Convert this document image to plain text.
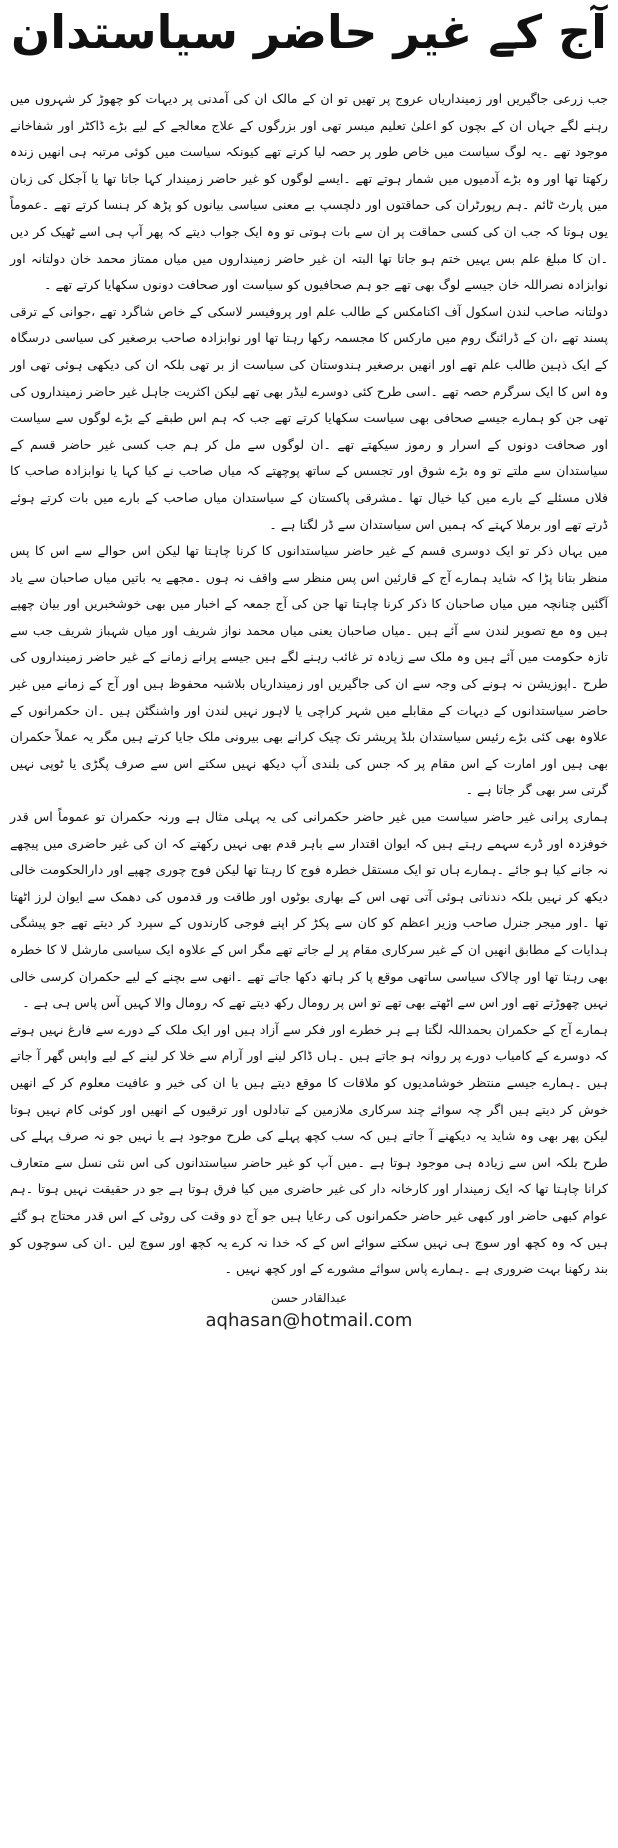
آج کے غیر حاضر سیاستدان

جب زرعی جاگیریں اور زمینداریاں عروج پر تھیں تو ان کے مالک ان کی آمدنی پر دیہات کو چھوڑ کر شہروں میں رہنے لگے جہاں ان کے بچوں کو اعلیٰ تعلیم میسر تھی اور بزرگوں کے علاج معالجے کے لیے بڑے ڈاکٹر اور شفاخانے موجود تھے ۔یہ لوگ سیاست میں خاص طور پر حصہ لیا کرتے تھے کیونکہ سیاست میں کوئی مرتبہ ہی انھیں زندہ رکھتا تھا اور وہ بڑے آدمیوں میں شمار ہوتے تھے ۔ایسے لوگوں کو غیر حاضر زمیندار کہا جاتا تھا یا آجکل کی زبان میں پارٹ ٹائم ۔ہم رپورٹران کی حماقتوں اور دلچسپ بے معنی سیاسی بیانوں کو پڑھ کر ہنسا کرتے تھے ۔عموماً یوں ہوتا کہ جب ان کی کسی حماقت پر ان سے بات ہوتی تو وہ ایک جواب دیتے کہ پھر آپ ہی اسے ٹھیک کر دیں ۔ان کا مبلغ علم بس یہیں ختم ہو جاتا تھا البتہ ان غیر حاضر زمینداروں میں میاں ممتاز محمد خان دولتانہ اور نوابزادہ نصراللہ خان جیسے لوگ بھی تھے جو ہم صحافیوں کو سیاست اور صحافت دونوں سکھایا کرتے تھے ۔

دولتانہ صاحب لندن اسکول آف اکنامکس کے طالب علم اور پروفیسر لاسکی کے خاص شاگرد تھے ،جوانی کے ترقی پسند تھے ،ان کے ڈرائنگ روم میں مارکس کا مجسمہ رکھا رہتا تھا اور نوابزادہ صاحب برصغیر کی سیاسی درسگاہ کے ایک ذہین طالب علم تھے اور انھیں برصغیر ہندوستان کی سیاست از بر تھی بلکہ ان کی دیکھی ہوئی تھی اور وہ اس کا ایک سرگرم حصہ تھے ۔اسی طرح کئی دوسرے لیڈر بھی تھے لیکن اکثریت جاہل غیر حاضر زمینداروں کی تھی جن کو ہمارے جیسے صحافی بھی سیاست سکھایا کرتے تھے جب کہ ہم اس طبقے کے بڑے لوگوں سے سیاست اور صحافت دونوں کے اسرار و رموز سیکھتے تھے ۔ان لوگوں سے مل کر ہم جب کسی غیر حاضر قسم کے سیاستدان سے ملتے تو وہ بڑے شوق اور تجسس کے ساتھ پوچھتے کہ میاں صاحب نے کیا کہا یا نوابزادہ صاحب کا فلاں مسئلے کے بارے میں کیا خیال تھا ۔مشرقی پاکستان کے سیاستدان میاں صاحب کے بارے میں بات کرتے ہوئے ڈرتے تھے اور برملا کہتے کہ ہمیں اس سیاستدان سے ڈر لگتا ہے ۔

میں یہاں ذکر تو ایک دوسری قسم کے غیر حاضر سیاستدانوں کا کرنا چاہتا تھا لیکن اس حوالے سے اس کا پس منظر بتانا پڑا کہ شاید ہمارے آج کے قارئین اس پس منظر سے واقف نہ ہوں ۔مجھے یہ باتیں میاں صاحبان سے یاد آگئیں چنانچہ میں میاں صاحبان کا ذکر کرنا چاہتا تھا جن کی آج جمعہ کے اخبار میں بھی خوشخبریں اور بیان چھپے ہیں وہ مع تصویر لندن سے آئے ہیں ۔میاں صاحبان یعنی میاں محمد نواز شریف اور میاں شہباز شریف جب سے تازہ حکومت میں آئے ہیں وہ ملک سے زیادہ تر غائب رہنے لگے ہیں جیسے پرانے زمانے کے غیر حاضر زمینداروں کی طرح ۔اپوزیشن نہ ہونے کی وجہ سے ان کی جاگیریں اور زمینداریاں بلاشبہ محفوظ ہیں اور آج کے زمانے میں غیر حاضر سیاستدانوں کے دیہات کے مقابلے میں شہر کراچی یا لاہور نہیں لندن اور واشنگٹن ہیں ۔ان حکمرانوں کے علاوہ بھی کئی بڑے رئیس سیاستدان بلڈ پریشر تک چیک کرانے بھی بیرونی ملک جایا کرتے ہیں مگر یہ عملاً حکمران بھی ہیں اور امارت کے اس مقام پر کہ جس کی بلندی آپ دیکھ نہیں سکتے اس سے صرف پگڑی یا ٹوپی نہیں گرتی سر بھی گر جاتا ہے ۔

ہماری پرانی غیر حاضر سیاست میں غیر حاضر حکمرانی کی یہ پہلی مثال ہے ورنہ حکمران تو عموماً اس قدر خوفزدہ اور ڈرے سہمے رہتے ہیں کہ ایوان اقتدار سے باہر قدم بھی نہیں رکھتے کہ ان کی غیر حاضری میں پیچھے نہ جانے کیا ہو جائے ۔ہمارے ہاں تو ایک مستقل خطرہ فوج کا رہتا تھا لیکن فوج چوری چھپے اور دارالحکومت خالی دیکھ کر نہیں بلکہ دندناتی ہوئی آتی تھی اس کے بھاری بوٹوں اور طاقت ور قدموں کی دھمک سے ایوان لرز اٹھتا تھا ۔اور میجر جنرل صاحب وزیر اعظم کو کان سے پکڑ کر اپنے فوجی کارندوں کے سپرد کر دیتے تھے جو پیشگی ہدایات کے مطابق انھیں ان کے غیر سرکاری مقام پر لے جاتے تھے مگر اس کے علاوہ ایک سیاسی مارشل لا کا خطرہ بھی رہتا تھا اور چالاک سیاسی ساتھی موقع پا کر ہاتھ دکھا جاتے تھے ۔انھی سے بچنے کے لیے حکمران کرسی خالی نہیں چھوڑتے تھے اور اس سے اٹھتے بھی تھے تو اس پر رومال رکھ دیتے تھے کہ رومال والا کہیں آس پاس ہی ہے ۔

ہمارے آج کے حکمران بحمداللہ لگتا ہے ہر خطرے اور فکر سے آزاد ہیں اور ایک ملک کے دورے سے فارغ نہیں ہوتے کہ دوسرے کے کامیاب دورے پر روانہ ہو جاتے ہیں ۔ہاں ڈاکر لینے اور آرام سے خلا کر لینے کے لیے واپس گھر آ جاتے ہیں ۔ہمارے جیسے منتظر خوشامدیوں کو ملاقات کا موقع دیتے ہیں یا ان کی خیر و عافیت معلوم کر کے انھیں خوش کر دیتے ہیں اگر چہ سوائے چند سرکاری ملازمین کے تبادلوں اور ترقیوں کے انھیں اور کوئی کام نہیں ہوتا لیکن پھر بھی وہ شاید یہ دیکھنے آ جاتے ہیں کہ سب کچھ پہلے کی طرح موجود ہے یا نہیں جو نہ صرف پہلے کی طرح بلکہ اس سے زیادہ ہی موجود ہوتا ہے ۔میں آپ کو غیر حاضر سیاستدانوں کی اس نئی نسل سے متعارف کرانا چاہتا تھا کہ ایک زمیندار اور کارخانہ دار کی غیر حاضری میں کیا فرق ہوتا ہے جو در حقیقت نہیں ہوتا ۔ہم عوام کبھی حاضر اور کبھی غیر حاضر حکمرانوں کی رعایا ہیں جو آج دو وقت کی روٹی کے اس قدر محتاج ہو گئے ہیں کہ وہ کچھ اور سوچ ہی نہیں سکتے سوائے اس کے کہ خدا نہ کرے یہ کچھ اور سوچ لیں ۔ان کی سوچوں کو بند رکھنا بہت ضروری ہے ۔ہمارے پاس سوائے مشورے کے اور کچھ نہیں ۔

عبدالقادر حسن
aqhasan@hotmail.com
